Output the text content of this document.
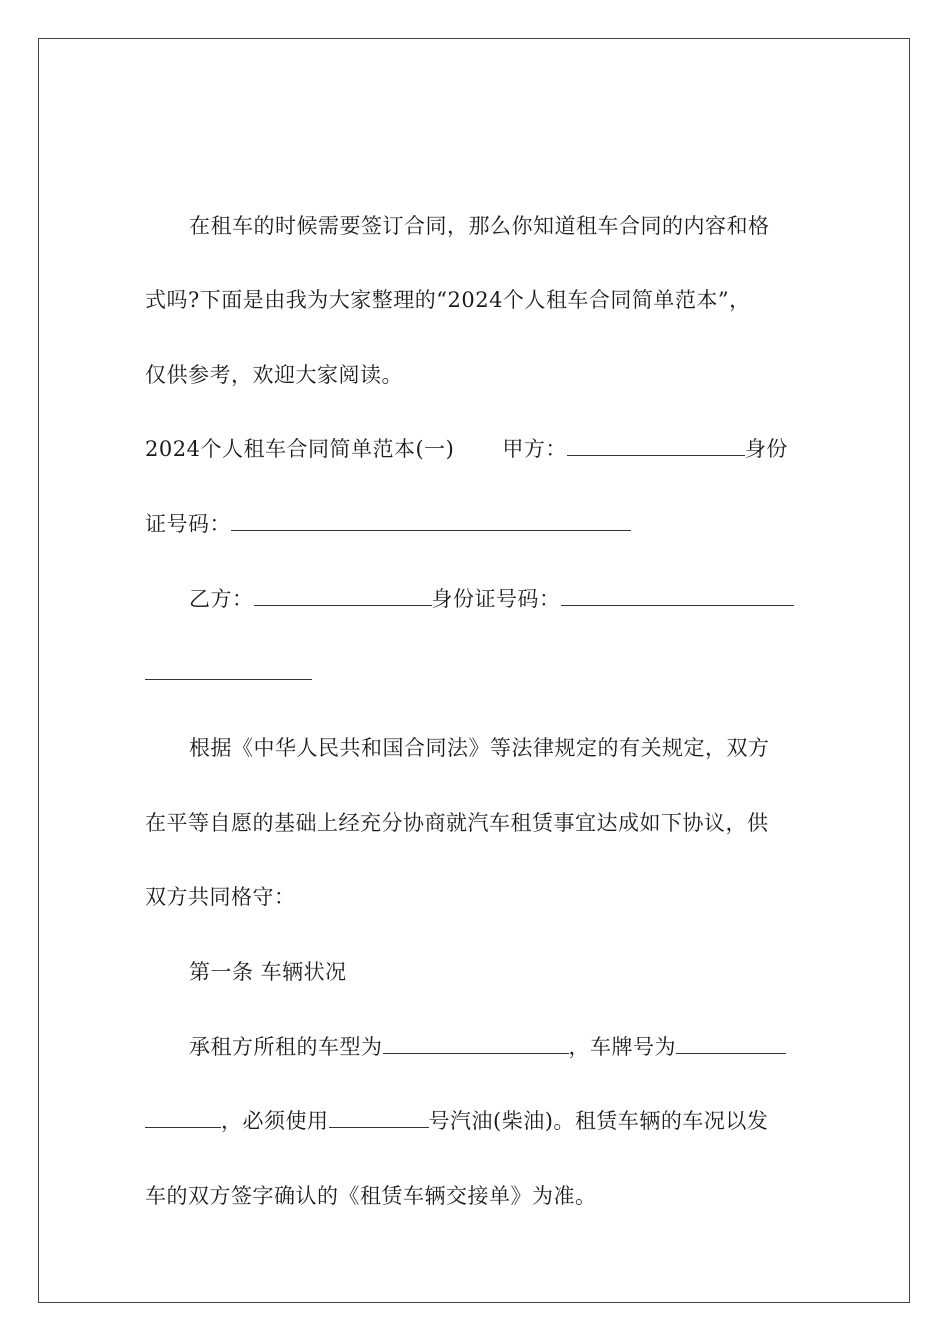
在租车的时候需要签订合同，那么你知道租车合同的内容和格
式吗?下面是由我为大家整理的“2024个人租车合同简单范本”，
仅供参考，欢迎大家阅读。
2024个人租车合同简单范本(一) 甲方：	身份
证号码：
乙方：	身份证号码：
根据《中华人民共和国合同法》等法律规定的有关规定，双方
在平等自愿的基础上经充分协商就汽车租赁事宜达成如下协议，供
双方共同格守：
第一条 车辆状况
承租方所租的车型为	，车牌号为
，必须使用	号汽油(柴油)。租赁车辆的车况以发
车的双方签字确认的《租赁车辆交接单》为准。
